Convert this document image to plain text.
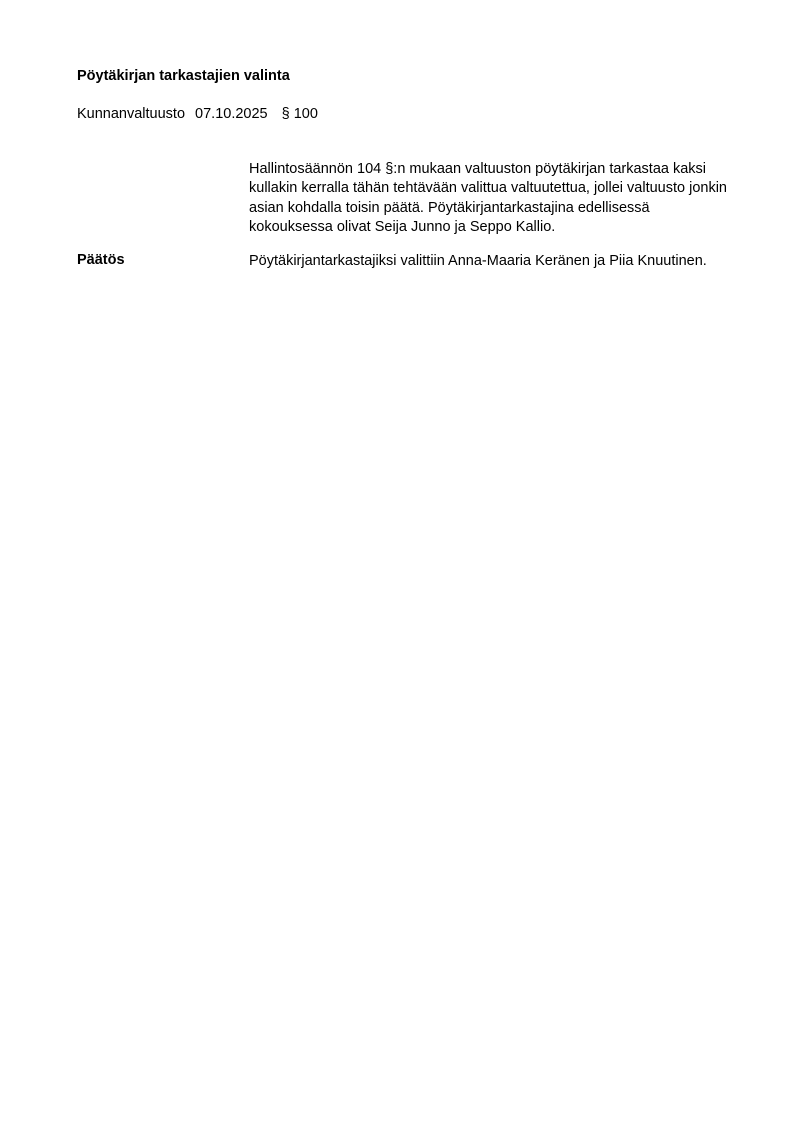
Pöytäkirjan tarkastajien valinta
Kunnanvaltuusto 07.10.2025 § 100
Hallintosäännön 104 §:n mukaan valtuuston pöytäkirjan tarkastaa kaksi kullakin kerralla tähän tehtävään valittua valtuutettua, jollei valtuusto jonkin asian kohdalla toisin päätä. Pöytäkirjantarkastajina edellisessä kokouksessa olivat Seija Junno ja Seppo Kallio.
Päätös	Pöytäkirjantarkastajiksi valittiin Anna-Maaria Keränen ja Piia Knuutinen.
